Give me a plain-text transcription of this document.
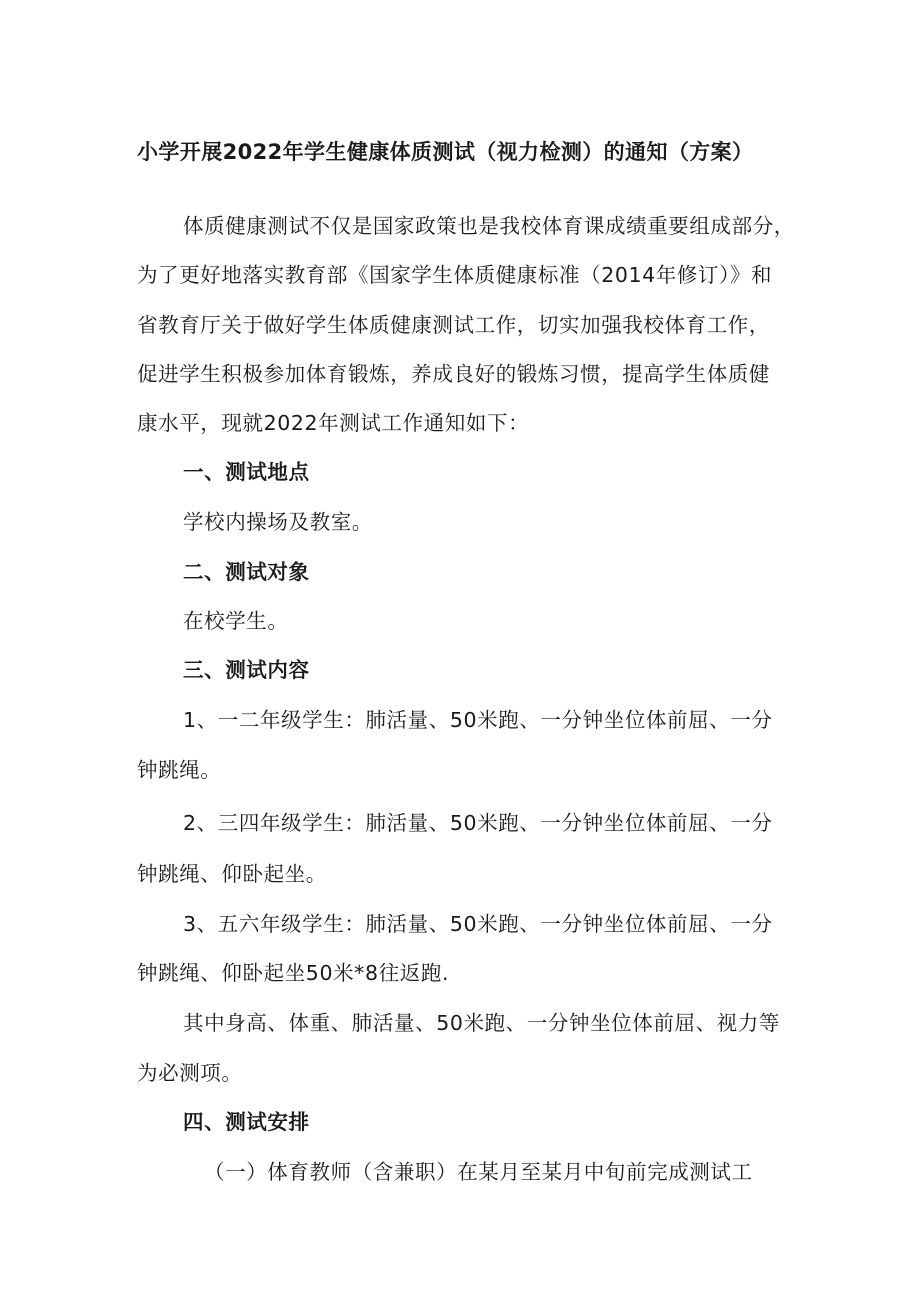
小学开展2022年学生健康体质测试（视力检测）的通知（方案）
体质健康测试不仅是国家政策也是我校体育课成绩重要组成部分，
为了更好地落实教育部《国家学生体质健康标准（2014年修订）》和
省教育厅关于做好学生体质健康测试工作，切实加强我校体育工作，
促进学生积极参加体育锻炼，养成良好的锻炼习惯，提高学生体质健
康水平，现就2022年测试工作通知如下：
一、测试地点
学校内操场及教室。
二、测试对象
在校学生。
三、测试内容
1、一二年级学生：肺活量、50米跑、一分钟坐位体前屈、一分
钟跳绳。
2、三四年级学生：肺活量、50米跑、一分钟坐位体前屈、一分
钟跳绳、仰卧起坐。
3、五六年级学生：肺活量、50米跑、一分钟坐位体前屈、一分
钟跳绳、仰卧起坐50米*8往返跑.
其中身高、体重、肺活量、50米跑、一分钟坐位体前屈、视力等
为必测项。
四、测试安排
（一）体育教师（含兼职）在某月至某月中旬前完成测试工
